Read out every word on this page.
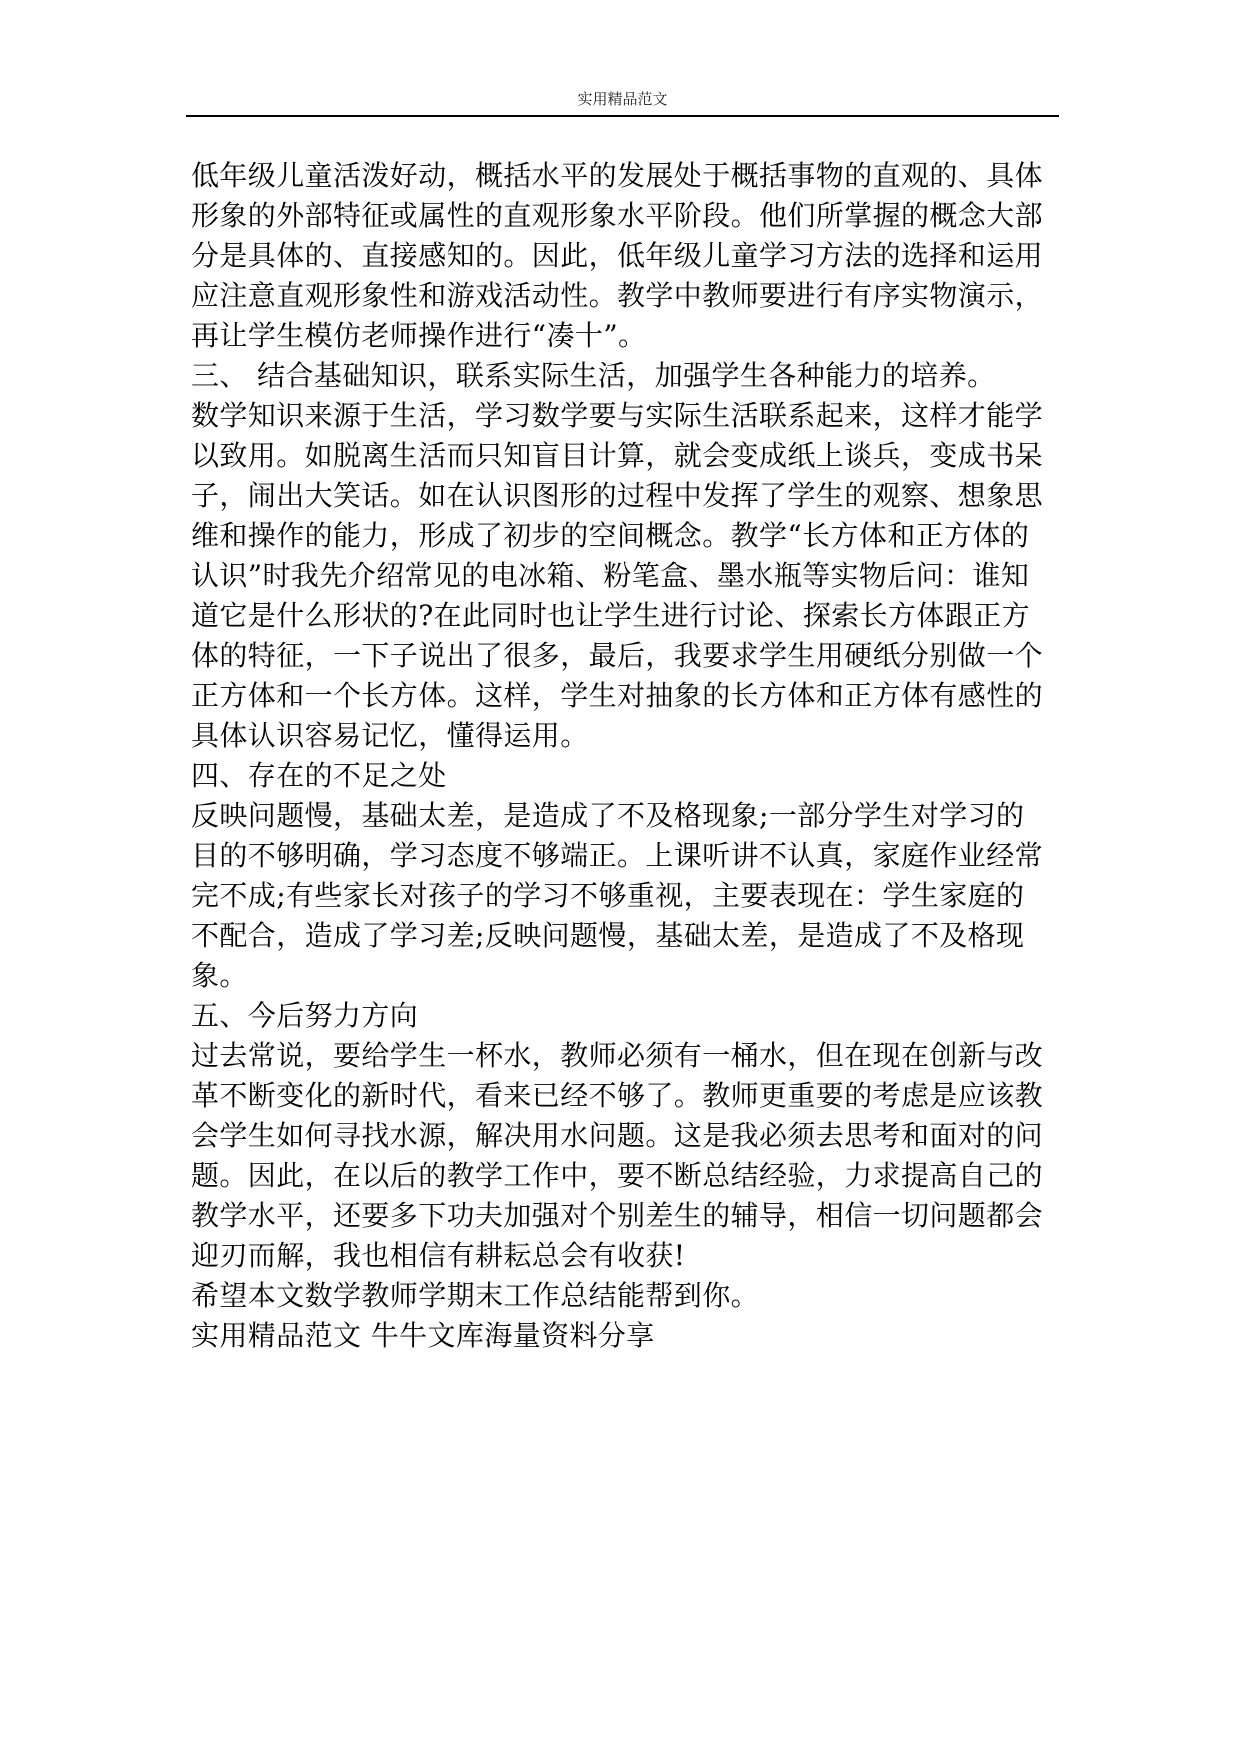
实用精品范文
低年级儿童活泼好动，概括水平的发展处于概括事物的直观的、具体
形象的外部特征或属性的直观形象水平阶段。他们所掌握的概念大部
分是具体的、直接感知的。因此，低年级儿童学习方法的选择和运用
应注意直观形象性和游戏活动性。教学中教师要进行有序实物演示，
再让学生模仿老师操作进行“凑十”。
三、 结合基础知识，联系实际生活，加强学生各种能力的培养。
数学知识来源于生活，学习数学要与实际生活联系起来，这样才能学
以致用。如脱离生活而只知盲目计算，就会变成纸上谈兵，变成书呆
子，闹出大笑话。如在认识图形的过程中发挥了学生的观察、想象思
维和操作的能力，形成了初步的空间概念。教学“长方体和正方体的
认识”时我先介绍常见的电冰箱、粉笔盒、墨水瓶等实物后问：谁知
道它是什么形状的?在此同时也让学生进行讨论、探索长方体跟正方
体的特征，一下子说出了很多，最后，我要求学生用硬纸分别做一个
正方体和一个长方体。这样，学生对抽象的长方体和正方体有感性的
具体认识容易记忆，懂得运用。
四、存在的不足之处
反映问题慢，基础太差，是造成了不及格现象;一部分学生对学习的
目的不够明确，学习态度不够端正。上课听讲不认真，家庭作业经常
完不成;有些家长对孩子的学习不够重视，主要表现在：学生家庭的
不配合，造成了学习差;反映问题慢，基础太差，是造成了不及格现
象。
五、今后努力方向
过去常说，要给学生一杯水，教师必须有一桶水，但在现在创新与改
革不断变化的新时代，看来已经不够了。教师更重要的考虑是应该教
会学生如何寻找水源，解决用水问题。这是我必须去思考和面对的问
题。因此，在以后的教学工作中，要不断总结经验，力求提高自己的
教学水平，还要多下功夫加强对个别差生的辅导，相信一切问题都会
迎刃而解，我也相信有耕耘总会有收获!
希望本文数学教师学期末工作总结能帮到你。
实用精品范文 牛牛文库海量资料分享
